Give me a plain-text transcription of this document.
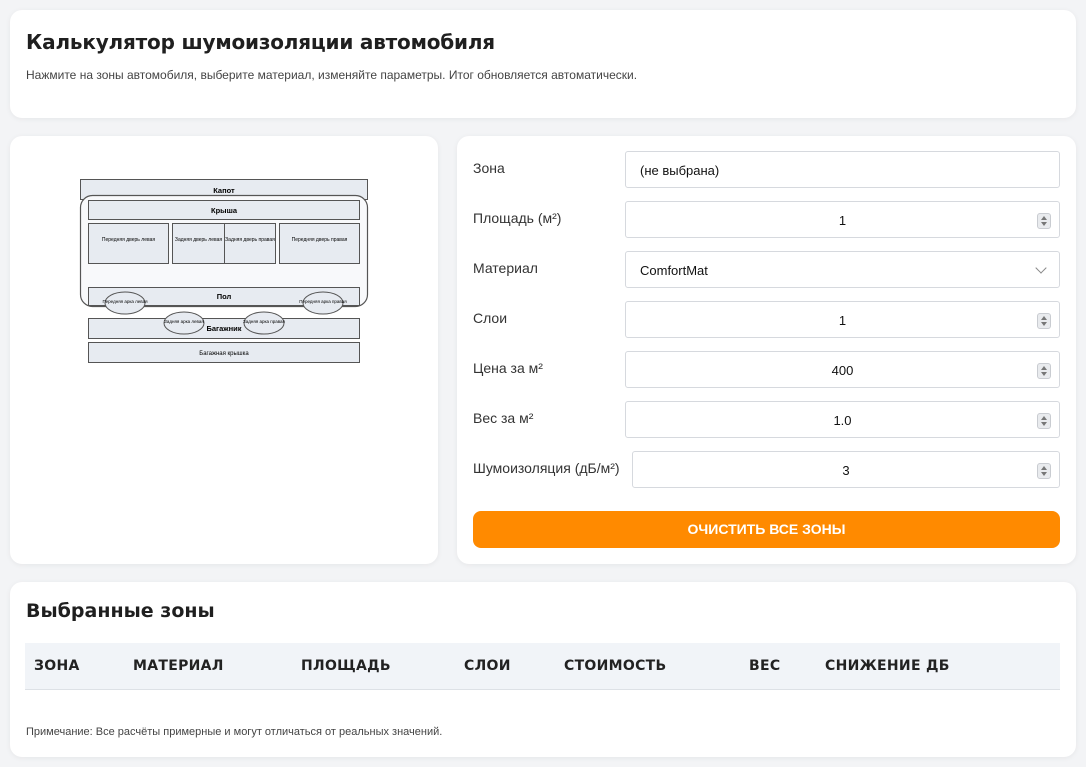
Калькулятор шумоизоляции автомобиля

Нажмите на зоны автомобиля, выберите материал, изменяйте параметры. Итог обновляется автоматически.

Капот
Крыша
Передняя дверь левая	Задняя дверь левая Задняя дверь правая	Передняя дверь правая
Пол
Багажник
Багажная крышка
Передняя арка левая	Передняя арка правая
Задняя арка левая	Задняя арка правая
Зона	(не выбрана)
Площадь (м²)	1
Материал	ComfortMat
Слои	1
Цена за м²	400
Вес за м²	1.0
Шумоизоляция (дБ/м²)	3
ОЧИСТИТЬ ВСЕ ЗОНЫ
Выбранные зоны
ЗОНА	МАТЕРИАЛ	ПЛОЩАДЬ	СЛОИ	СТОИМОСТЬ	ВЕС	СНИЖЕНИЕ ДБ

Примечание: Все расчёты примерные и могут отличаться от реальных значений.
